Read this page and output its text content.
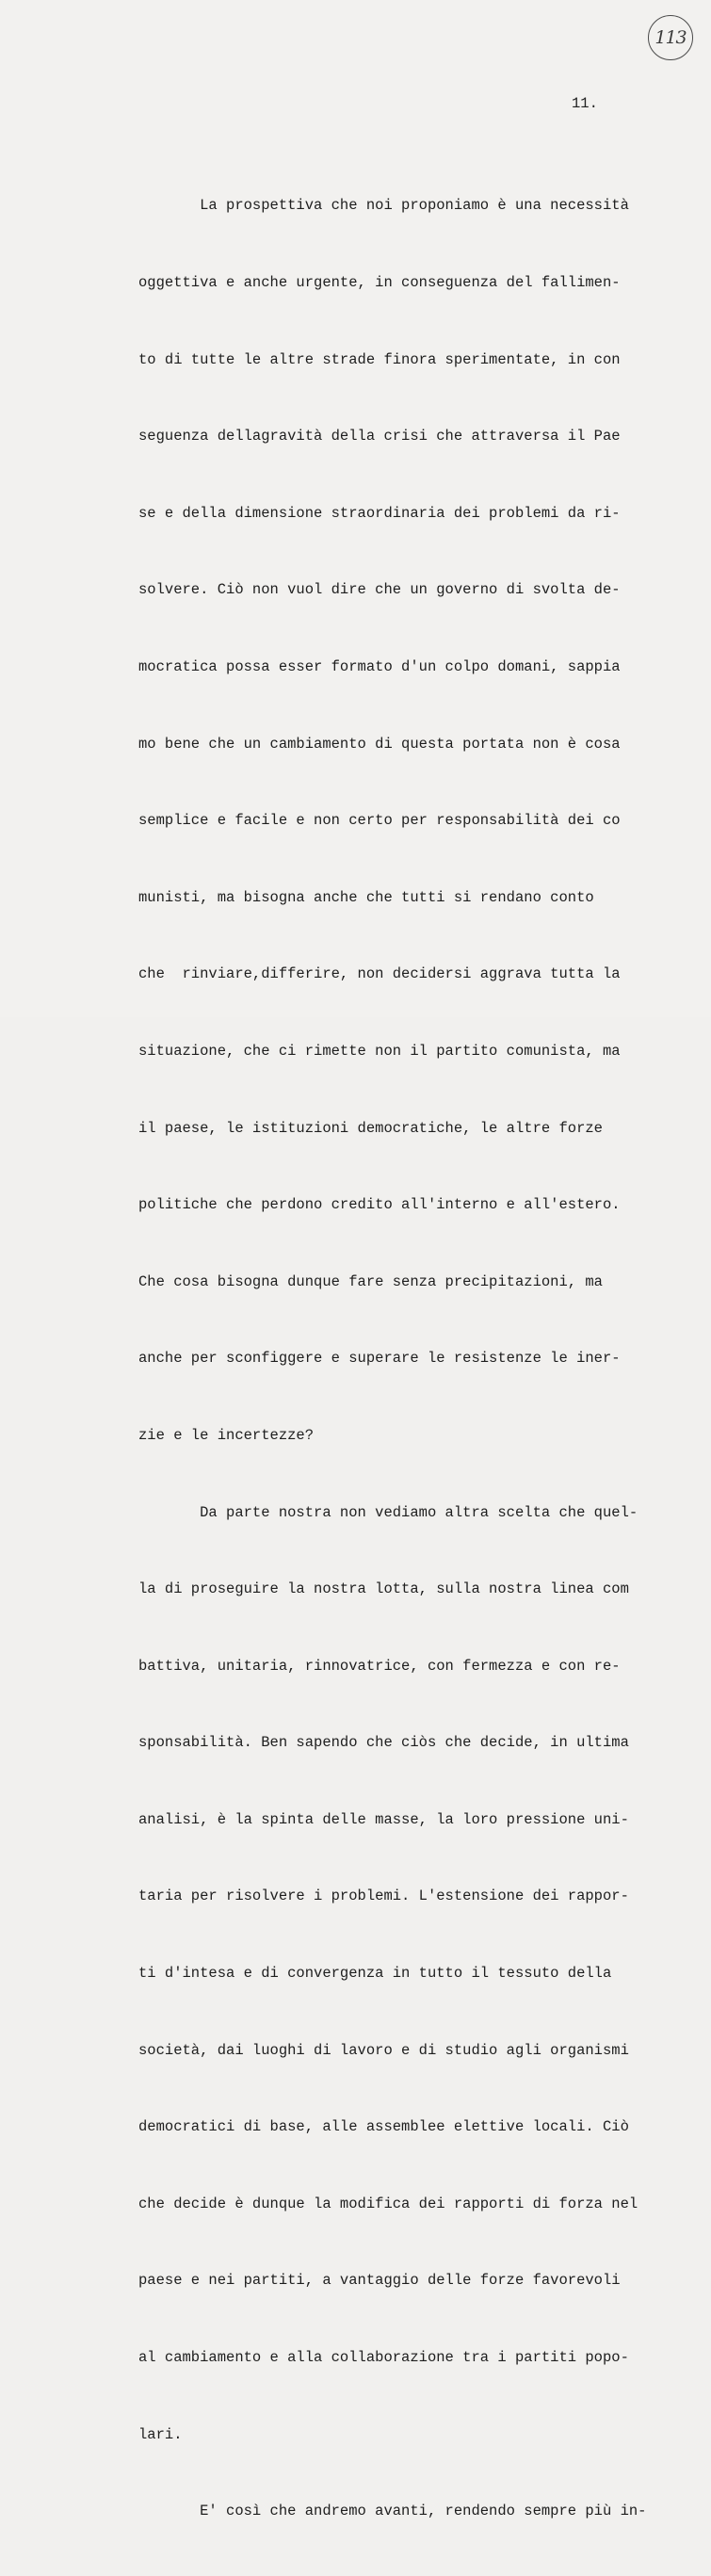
113
11.

La prospettiva che noi proponiamo è una necessità

oggettiva e anche urgente, in conseguenza del fallimen-

to di tutte le altre strade finora sperimentate, in con

seguenza dellagravità della crisi che attraversa il Pae

se e della dimensione straordinaria dei problemi da ri-

solvere. Ciò non vuol dire che un governo di svolta de-

mocratica possa esser formato d'un colpo domani, sappia

mo bene che un cambiamento di questa portata non è cosa

semplice e facile e non certo per responsabilità dei co

munisti, ma bisogna anche che tutti si rendano conto

che  rinviare,differire, non decidersi aggrava tutta la

situazione, che ci rimette non il partito comunista, ma

il paese, le istituzioni democratiche, le altre forze

politiche che perdono credito all'interno e all'estero.

Che cosa bisogna dunque fare senza precipitazioni, ma

anche per sconfiggere e superare le resistenze le iner-

zie e le incertezze?

Da parte nostra non vediamo altra scelta che quel-

la di proseguire la nostra lotta, sulla nostra linea com

battiva, unitaria, rinnovatrice, con fermezza e con re-

sponsabilità. Ben sapendo che ciòs che decide, in ultima

analisi, è la spinta delle masse, la loro pressione uni-

taria per risolvere i problemi. L'estensione dei rappor-

ti d'intesa e di convergenza in tutto il tessuto della

società, dai luoghi di lavoro e di studio agli organismi

democratici di base, alle assemblee elettive locali. Ciò

che decide è dunque la modifica dei rapporti di forza nel

paese e nei partiti, a vantaggio delle forze favorevoli

al cambiamento e alla collaborazione tra i partiti popo-

lari.

E' così che andremo avanti, rendendo sempre più in-
